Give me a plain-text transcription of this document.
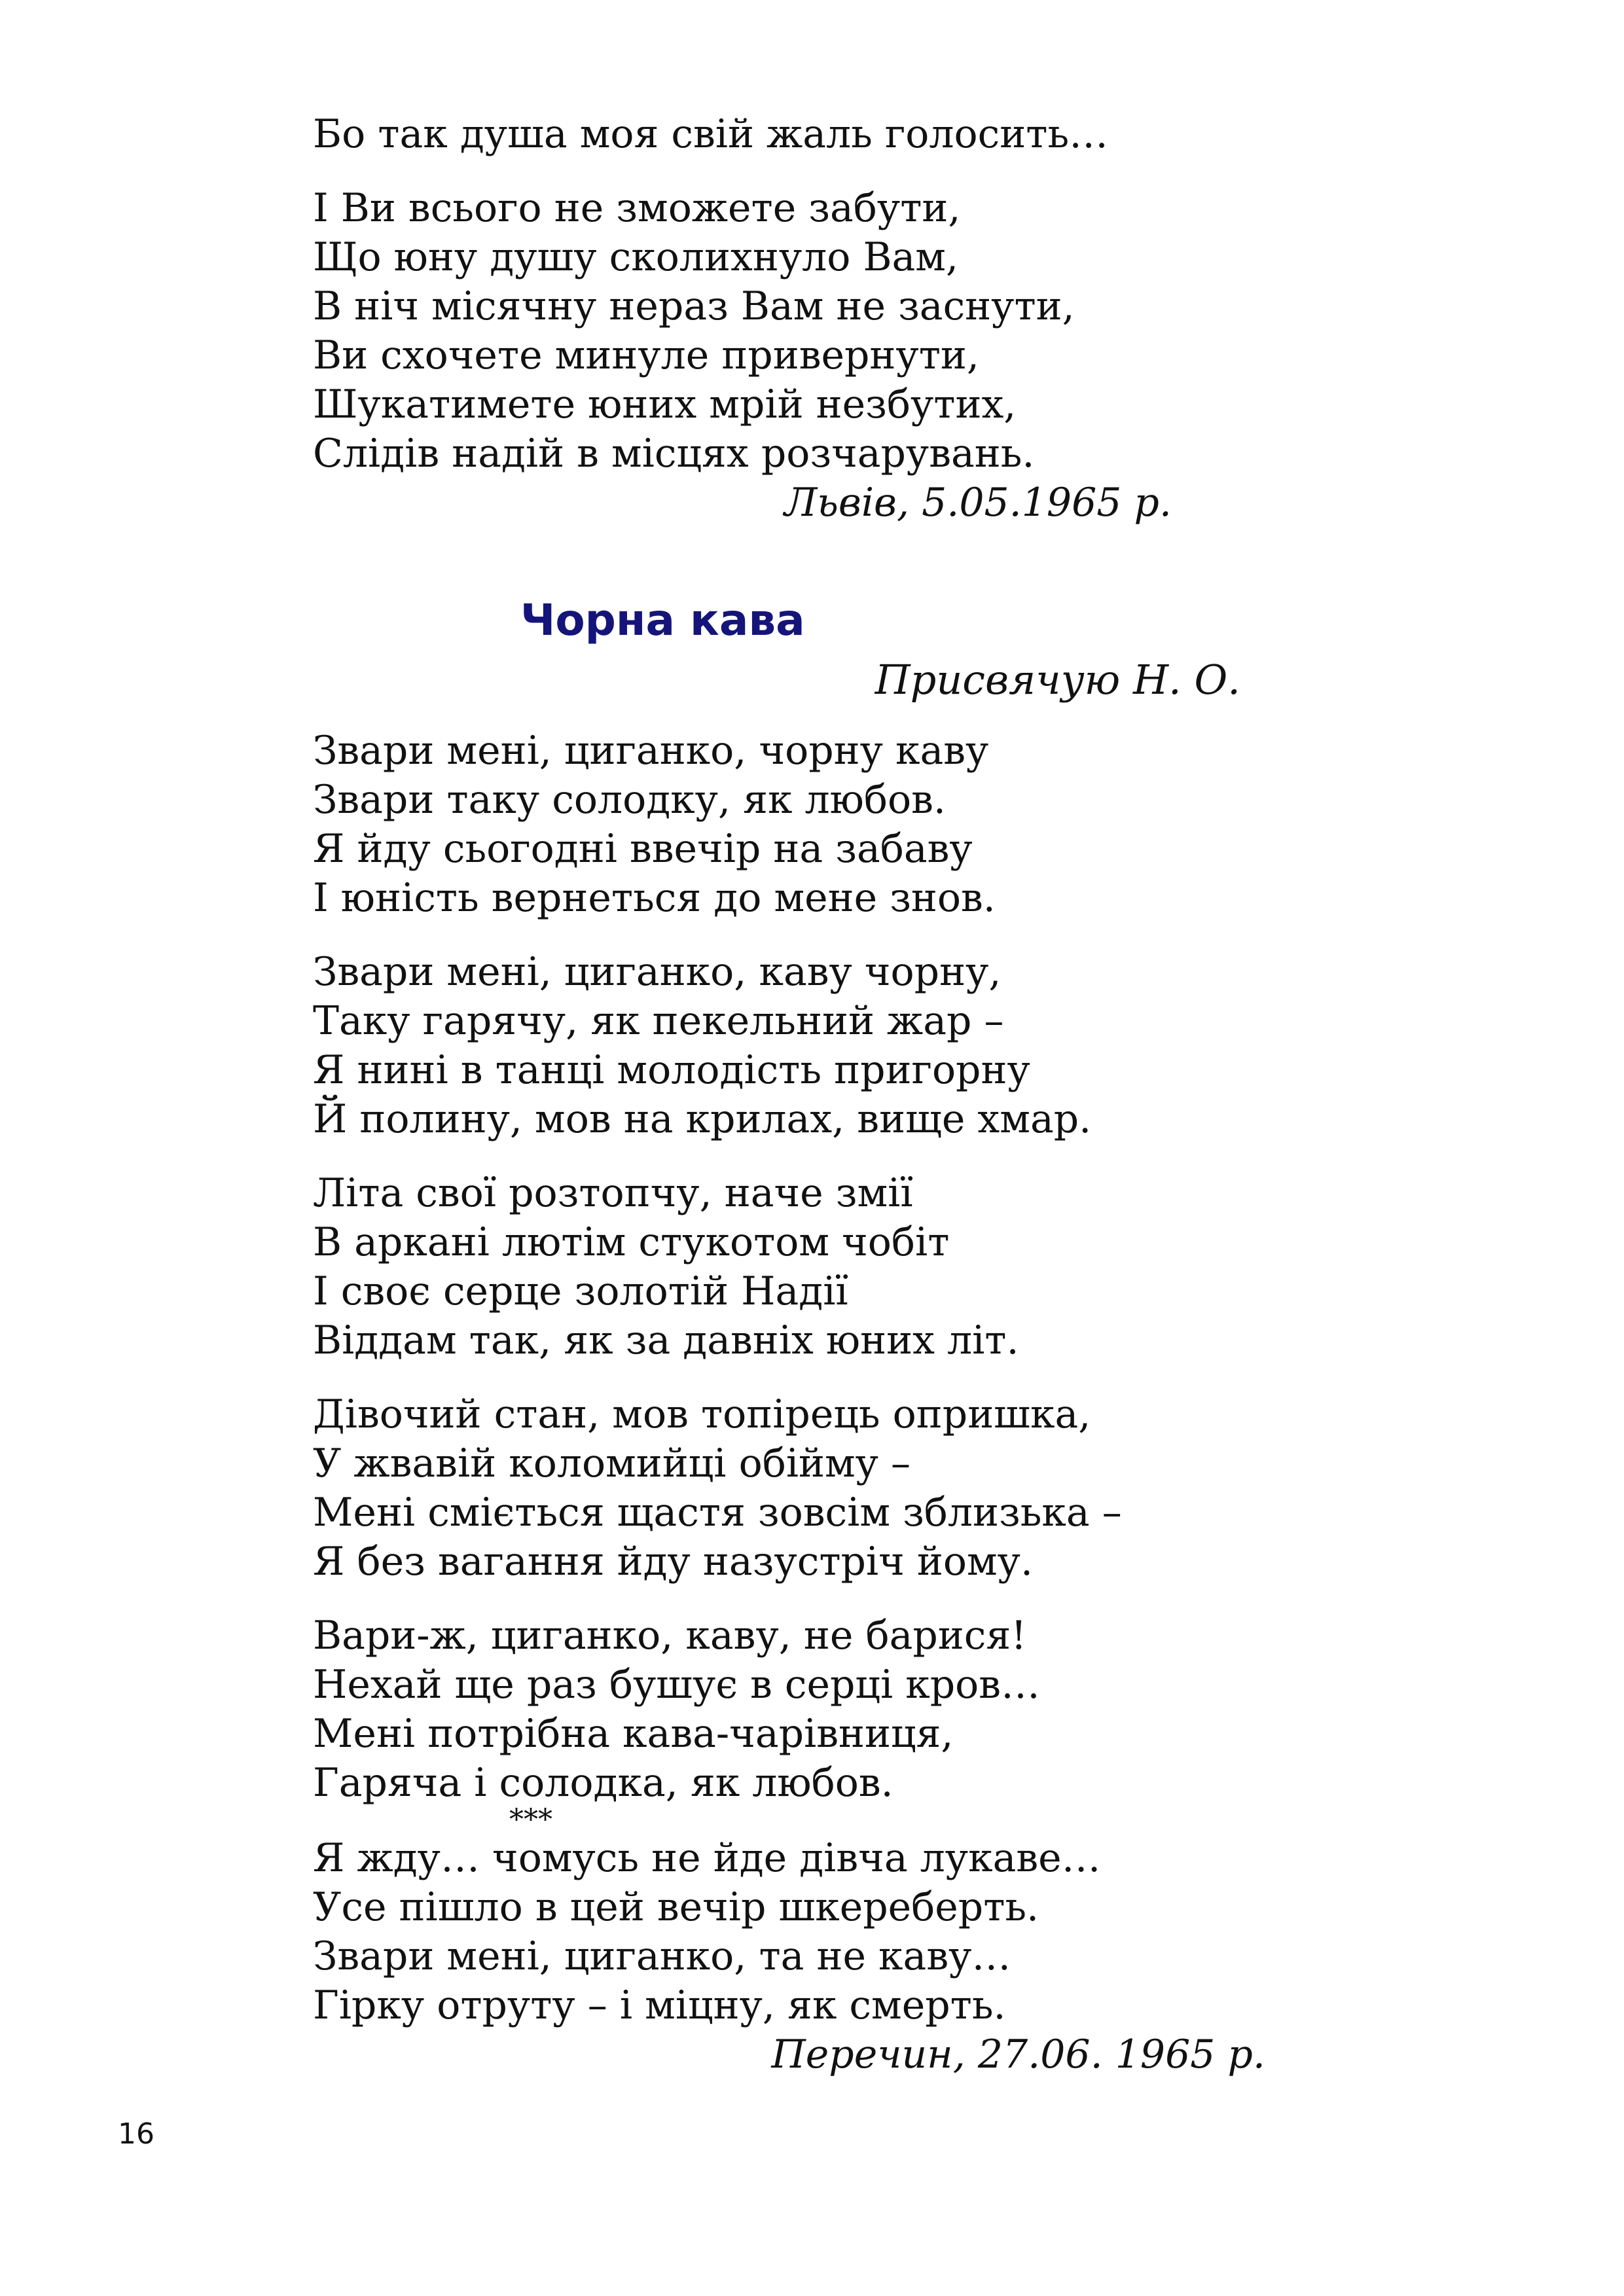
Бо так душа моя свій жаль голосить…
І Ви всього не зможете забути,
Що юну душу сколихнуло Вам,
В ніч місячну нераз Вам не заснути,
Ви схочете минуле привернути,
Шукатимете юних мрій незбутих,
Слідів надій в місцях розчарувань.
Львів, 5.05.1965 р.
Чорна кава
Присвячую Н. О.
Звари мені, циганко, чорну каву
Звари таку солодку, як любов.
Я йду сьогодні ввечір на забаву
І юність вернеться до мене знов.
Звари мені, циганко, каву чорну,
Таку гарячу, як пекельний жар –
Я нині в танці молодість пригорну
Й полину, мов на крилах, вище хмар.
Літа свої розтопчу, наче змії
В аркані лютім стукотом чобіт
І своє серце золотій Надії
Віддам так, як за давніх юних літ.
Дівочий стан, мов топірець опришка,
У жвавій коломийці обійму –
Мені сміється щастя зовсім зблизька –
Я без вагання йду назустріч йому.
Вари-ж, циганко, каву, не барися!
Нехай ще раз бушує в серці кров…
Мені потрібна кава-чарівниця,
Гаряча і солодка, як любов.
***
Я жду… чомусь не йде дівча лукаве…
Усе пішло в цей вечір шкереберть.
Звари мені, циганко, та не каву…
Гірку отруту – і міцну, як смерть.
Перечин, 27.06. 1965 р.
16
